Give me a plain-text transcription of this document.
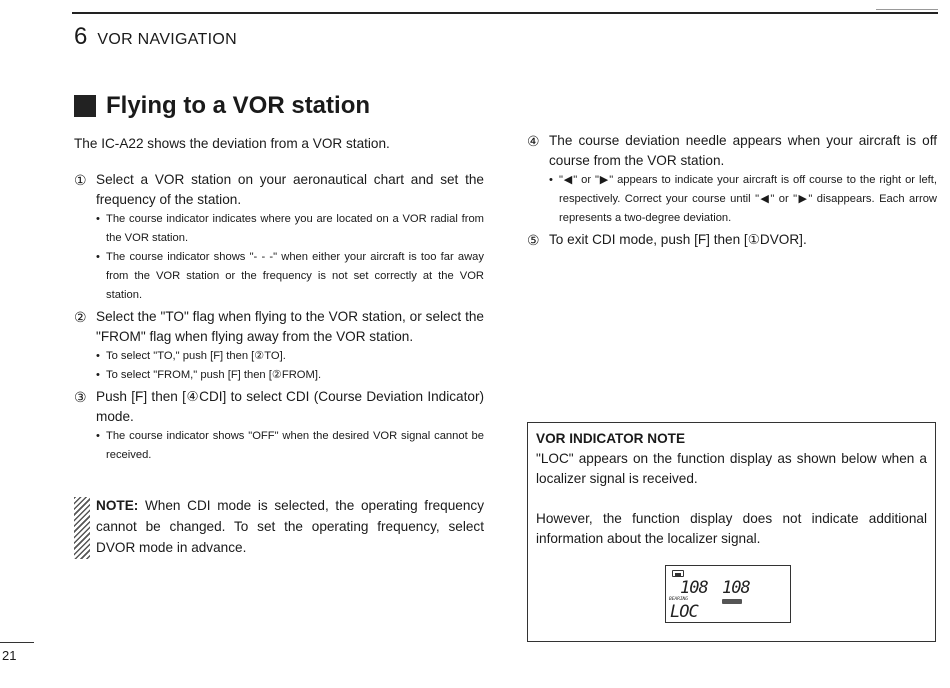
6 VOR NAVIGATION
Flying to a VOR station
The IC-A22 shows the deviation from a VOR station.
① Select a VOR station on your aeronautical chart and set the frequency of the station.
• The course indicator indicates where you are located on a VOR radial from the VOR station.
• The course indicator shows "- - -" when either your aircraft is too far away from the VOR station or the frequency is not set correctly at the VOR station.
② Select the "TO" flag when flying to the VOR station, or select the "FROM" flag when flying away from the VOR station.
• To select "TO," push [F] then [②TO].
• To select "FROM," push [F] then [②FROM].
③ Push [F] then [④CDI] to select CDI (Course Deviation Indicator) mode.
• The course indicator shows "OFF" when the desired VOR signal cannot be received.
NOTE: When CDI mode is selected, the operating frequency cannot be changed. To set the operating frequency, select DVOR mode in advance.
④ The course deviation needle appears when your aircraft is off course from the VOR station.
• "◀" or "▶" appears to indicate your aircraft is off course to the right or left, respectively. Correct your course until "◀" or "▶" disappears. Each arrow represents a two-degree deviation.
⑤ To exit CDI mode, push [F] then [①DVOR].
VOR INDICATOR NOTE
"LOC" appears on the function display as shown below when a localizer signal is received.
However, the function display does not indicate additional information about the localizer signal.
108 108
BEARING
LOC
21
